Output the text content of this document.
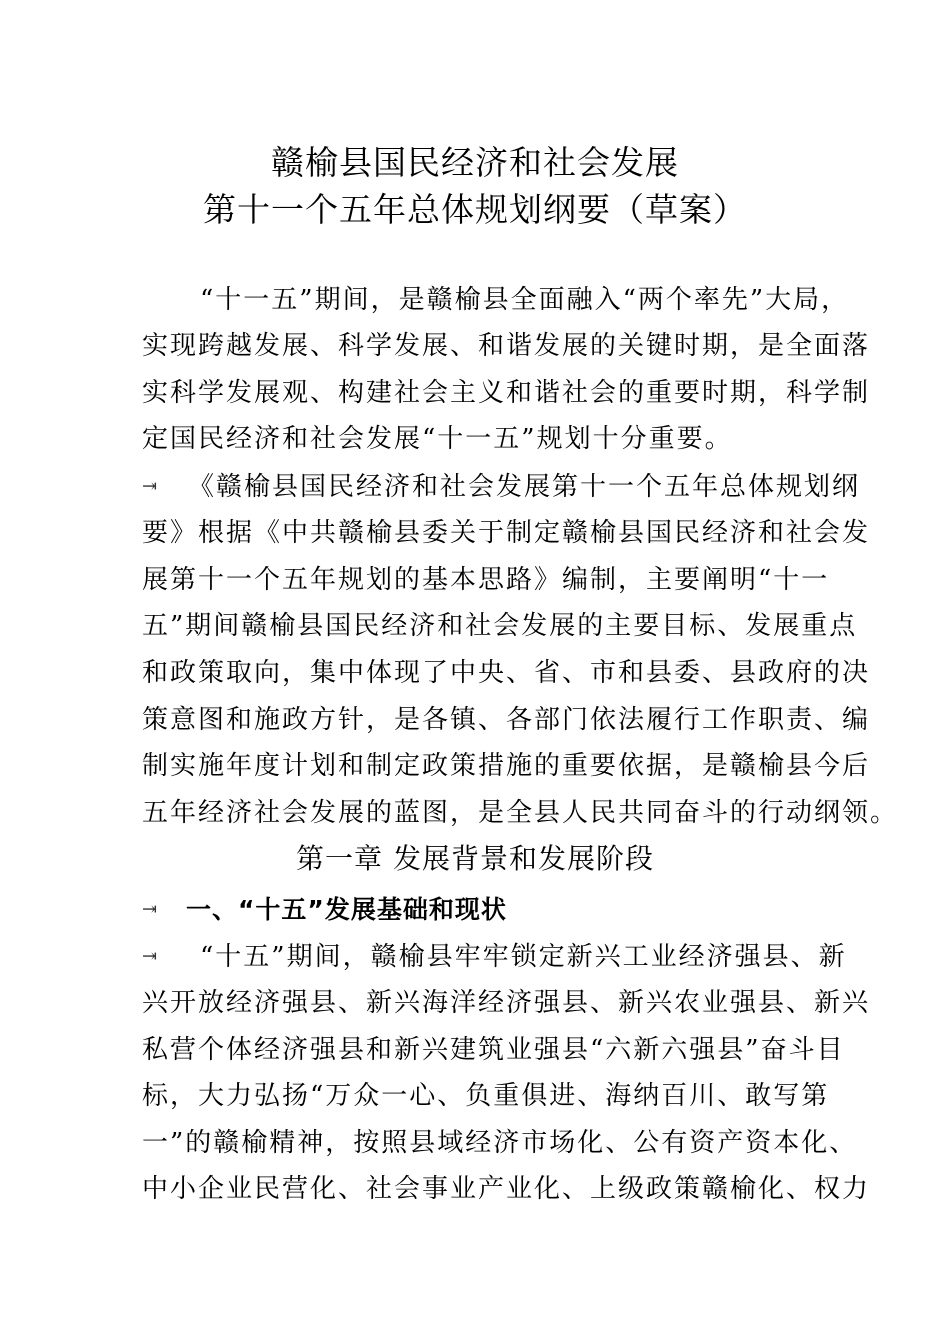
赣榆县国民经济和社会发展
第十一个五年总体规划纲要（草案）
“十一五”期间，是赣榆县全面融入“两个率先”大局，
实现跨越发展、科学发展、和谐发展的关键时期，是全面落
实科学发展观、构建社会主义和谐社会的重要时期，科学制
定国民经济和社会发展“十一五”规划十分重要。
⇥ 《赣榆县国民经济和社会发展第十一个五年总体规划纲
要》根据《中共赣榆县委关于制定赣榆县国民经济和社会发
展第十一个五年规划的基本思路》编制，主要阐明“十一
五”期间赣榆县国民经济和社会发展的主要目标、发展重点
和政策取向，集中体现了中央、省、市和县委、县政府的决
策意图和施政方针，是各镇、各部门依法履行工作职责、编
制实施年度计划和制定政策措施的重要依据，是赣榆县今后
五年经济社会发展的蓝图，是全县人民共同奋斗的行动纲领。
第一章 发展背景和发展阶段
⇥ 一、“十五”发展基础和现状
⇥ “十五”期间，赣榆县牢牢锁定新兴工业经济强县、新
兴开放经济强县、新兴海洋经济强县、新兴农业强县、新兴
私营个体经济强县和新兴建筑业强县“六新六强县”奋斗目
标，大力弘扬“万众一心、负重俱进、海纳百川、敢写第
一”的赣榆精神，按照县域经济市场化、公有资产资本化、
中小企业民营化、社会事业产业化、上级政策赣榆化、权力
